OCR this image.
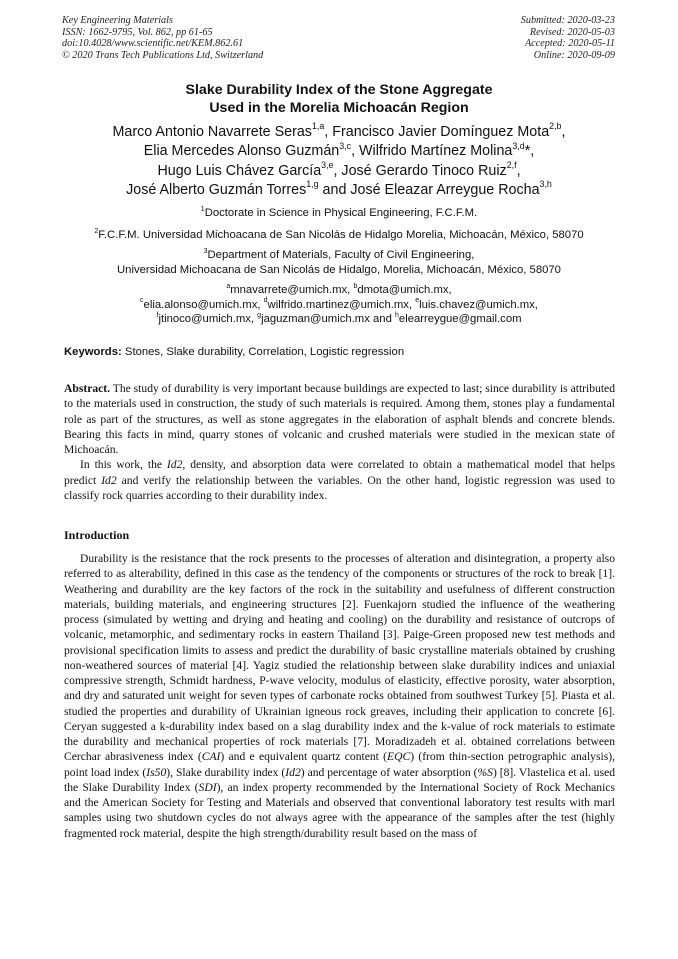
Key Engineering Materials
ISSN: 1662-9795, Vol. 862, pp 61-65
doi:10.4028/www.scientific.net/KEM.862.61
© 2020 Trans Tech Publications Ltd, Switzerland
Submitted: 2020-03-23
Revised: 2020-05-03
Accepted: 2020-05-11
Online: 2020-09-09
Slake Durability Index of the Stone Aggregate
Used in the Morelia Michoacán Region
Marco Antonio Navarrete Seras$^{1,a}$, Francisco Javier Domínguez Mota$^{2,b}$,
Elia Mercedes Alonso Guzmán$^{3,c}$, Wilfrido Martínez Molina$^{3,d}$*,
Hugo Luis Chávez García$^{3,e}$, José Gerardo Tinoco Ruiz$^{2,f}$,
José Alberto Guzmán Torres$^{1,g}$ and José Eleazar Arreygue Rocha$^{3,h}$
$^1$Doctorate in Science in Physical Engineering, F.C.F.M.
$^2$F.C.F.M. Universidad Michoacana de San Nicolás de Hidalgo Morelia, Michoacán, México, 58070
$^3$Department of Materials, Faculty of Civil Engineering,
Universidad Michoacana de San Nicolás de Hidalgo, Morelia, Michoacán, México, 58070
$^a$mnavarrete@umich.mx, $^b$dmota@umich.mx,
$^c$elia.alonso@umich.mx, $^d$wilfrido.martinez@umich.mx, $^e$luis.chavez@umich.mx,
$^f$jtinoco@umich.mx, $^g$jaguzman@umich.mx and $^h$elearreygue@gmail.com
Keywords: Stones, Slake durability, Correlation, Logistic regression

Abstract. The study of durability is very important because buildings are expected to last; since durability is attributed to the materials used in construction, the study of such materials is required. Among them, stones play a fundamental role as part of the structures, as well as stone aggregates in the elaboration of asphalt blends and concrete blends. Bearing this facts in mind, quarry stones of volcanic and crushed materials were studied in the mexican state of Michoacán.

In this work, the Id2, density, and absorption data were correlated to obtain a mathematical model that helps predict Id2 and verify the relationship between the variables. On the other hand, logistic regression was used to classify rock quarries according to their durability index.

Introduction

Durability is the resistance that the rock presents to the processes of alteration and disintegration, a property also referred to as alterability, defined in this case as the tendency of the components or structures of the rock to break [1]. Weathering and durability are the key factors of the rock in the suitability and usefulness of different construction materials, building materials, and engineering structures [2]. Fuenkajorn studied the influence of the weathering process (simulated by wetting and drying and heating and cooling) on the durability and resistance of outcrops of volcanic, metamorphic, and sedimentary rocks in eastern Thailand [3]. Paige-Green proposed new test methods and provisional specification limits to assess and predict the durability of basic crystalline materials obtained by crushing non-weathered sources of material [4]. Yagiz studied the relationship between slake durability indices and uniaxial compressive strength, Schmidt hardness, P-wave velocity, modulus of elasticity, effective porosity, water absorption, and dry and saturated unit weight for seven types of carbonate rocks obtained from southwest Turkey [5]. Piasta et al. studied the properties and durability of Ukrainian igneous rock greaves, including their application to concrete [6]. Ceryan suggested a k-durability index based on a slag durability index and the k-value of rock materials to estimate the durability and mechanical properties of rock materials [7]. Moradizadeh et al. obtained correlations between Cerchar abrasiveness index (CAI) and e equivalent quartz content (EQC) (from thin-section petrographic analysis), point load index (Is50), Slake durability index (Id2) and percentage of water absorption (%S) [8]. Vlastelica et al. used the Slake Durability Index (SDI), an index property recommended by the International Society of Rock Mechanics and the American Society for Testing and Materials and observed that conventional laboratory test results with marl samples using two shutdown cycles do not always agree with the appearance of the samples after the test (highly fragmented rock material, despite the high strength/durability result based on the mass of
